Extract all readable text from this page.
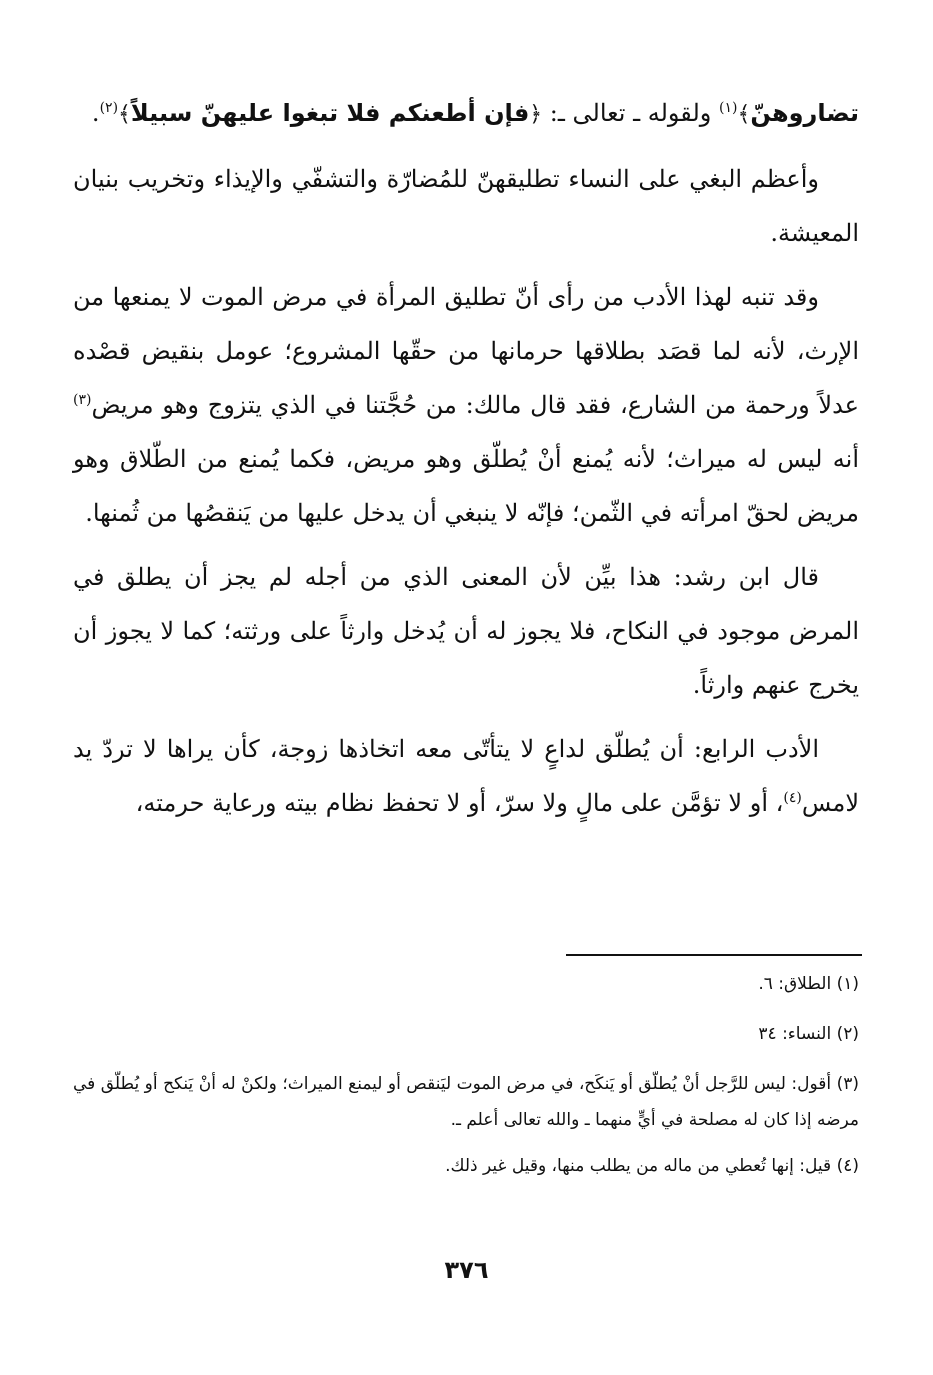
تضاروهنّ﴾$^{(١)}$ ولقوله ـ تعالى ـ: ﴿فإن أطعنكم فلا تبغوا عليهنّ سبيلاً﴾$^{(٢)}$.

وأعظم البغي على النساء تطليقهنّ للمُضارّة والتشفّي والإيذاء وتخريب بنيان المعيشة.

وقد تنبه لهذا الأدب من رأى أنّ تطليق المرأة في مرض الموت لا يمنعها من الإرث، لأنه لما قصَد بطلاقها حرمانها من حقّها المشروع؛ عومل بنقيض قصْده عدلاً ورحمة من الشارع، فقد قال مالك: من حُجَّتنا في الذي يتزوج وهو مريض$^{(٣)}$ أنه ليس له ميراث؛ لأنه يُمنع أنْ يُطلّق وهو مريض، فكما يُمنع من الطّلاق وهو مريض لحقّ امرأته في الثّمن؛ فإنّه لا ينبغي أن يدخل عليها من يَنقصُها من ثُمنها.

قال ابن رشد: هذا بيِّن لأن المعنى الذي من أجله لم يجز أن يطلق في المرض موجود في النكاح، فلا يجوز له أن يُدخل وارثاً على ورثته؛ كما لا يجوز أن يخرج عنهم وارثاً.

الأدب الرابع: أن يُطلّق لداعٍ لا يتأتّى معه اتخاذها زوجة، كأن يراها لا تردّ يد لامس$^{(٤)}$، أو لا تؤمَّن على مالٍ ولا سرّ، أو لا تحفظ نظام بيته ورعاية حرمته،

(١) الطلاق: ٦.

(٢) النساء: ٣٤

(٣) أقول: ليس للرَّجل أنْ يُطلّق أو يَنكَح، في مرض الموت ليَنقص أو ليمنع الميراث؛ ولكنْ له أنْ يَنكح أو يُطلّق في مرضه إذا كان له مصلحة في أيٍّ منهما ـ والله تعالى أعلم ـ.

(٤) قيل: إنها تُعطي من ماله من يطلب منها، وقيل غير ذلك.

٣٧٦
